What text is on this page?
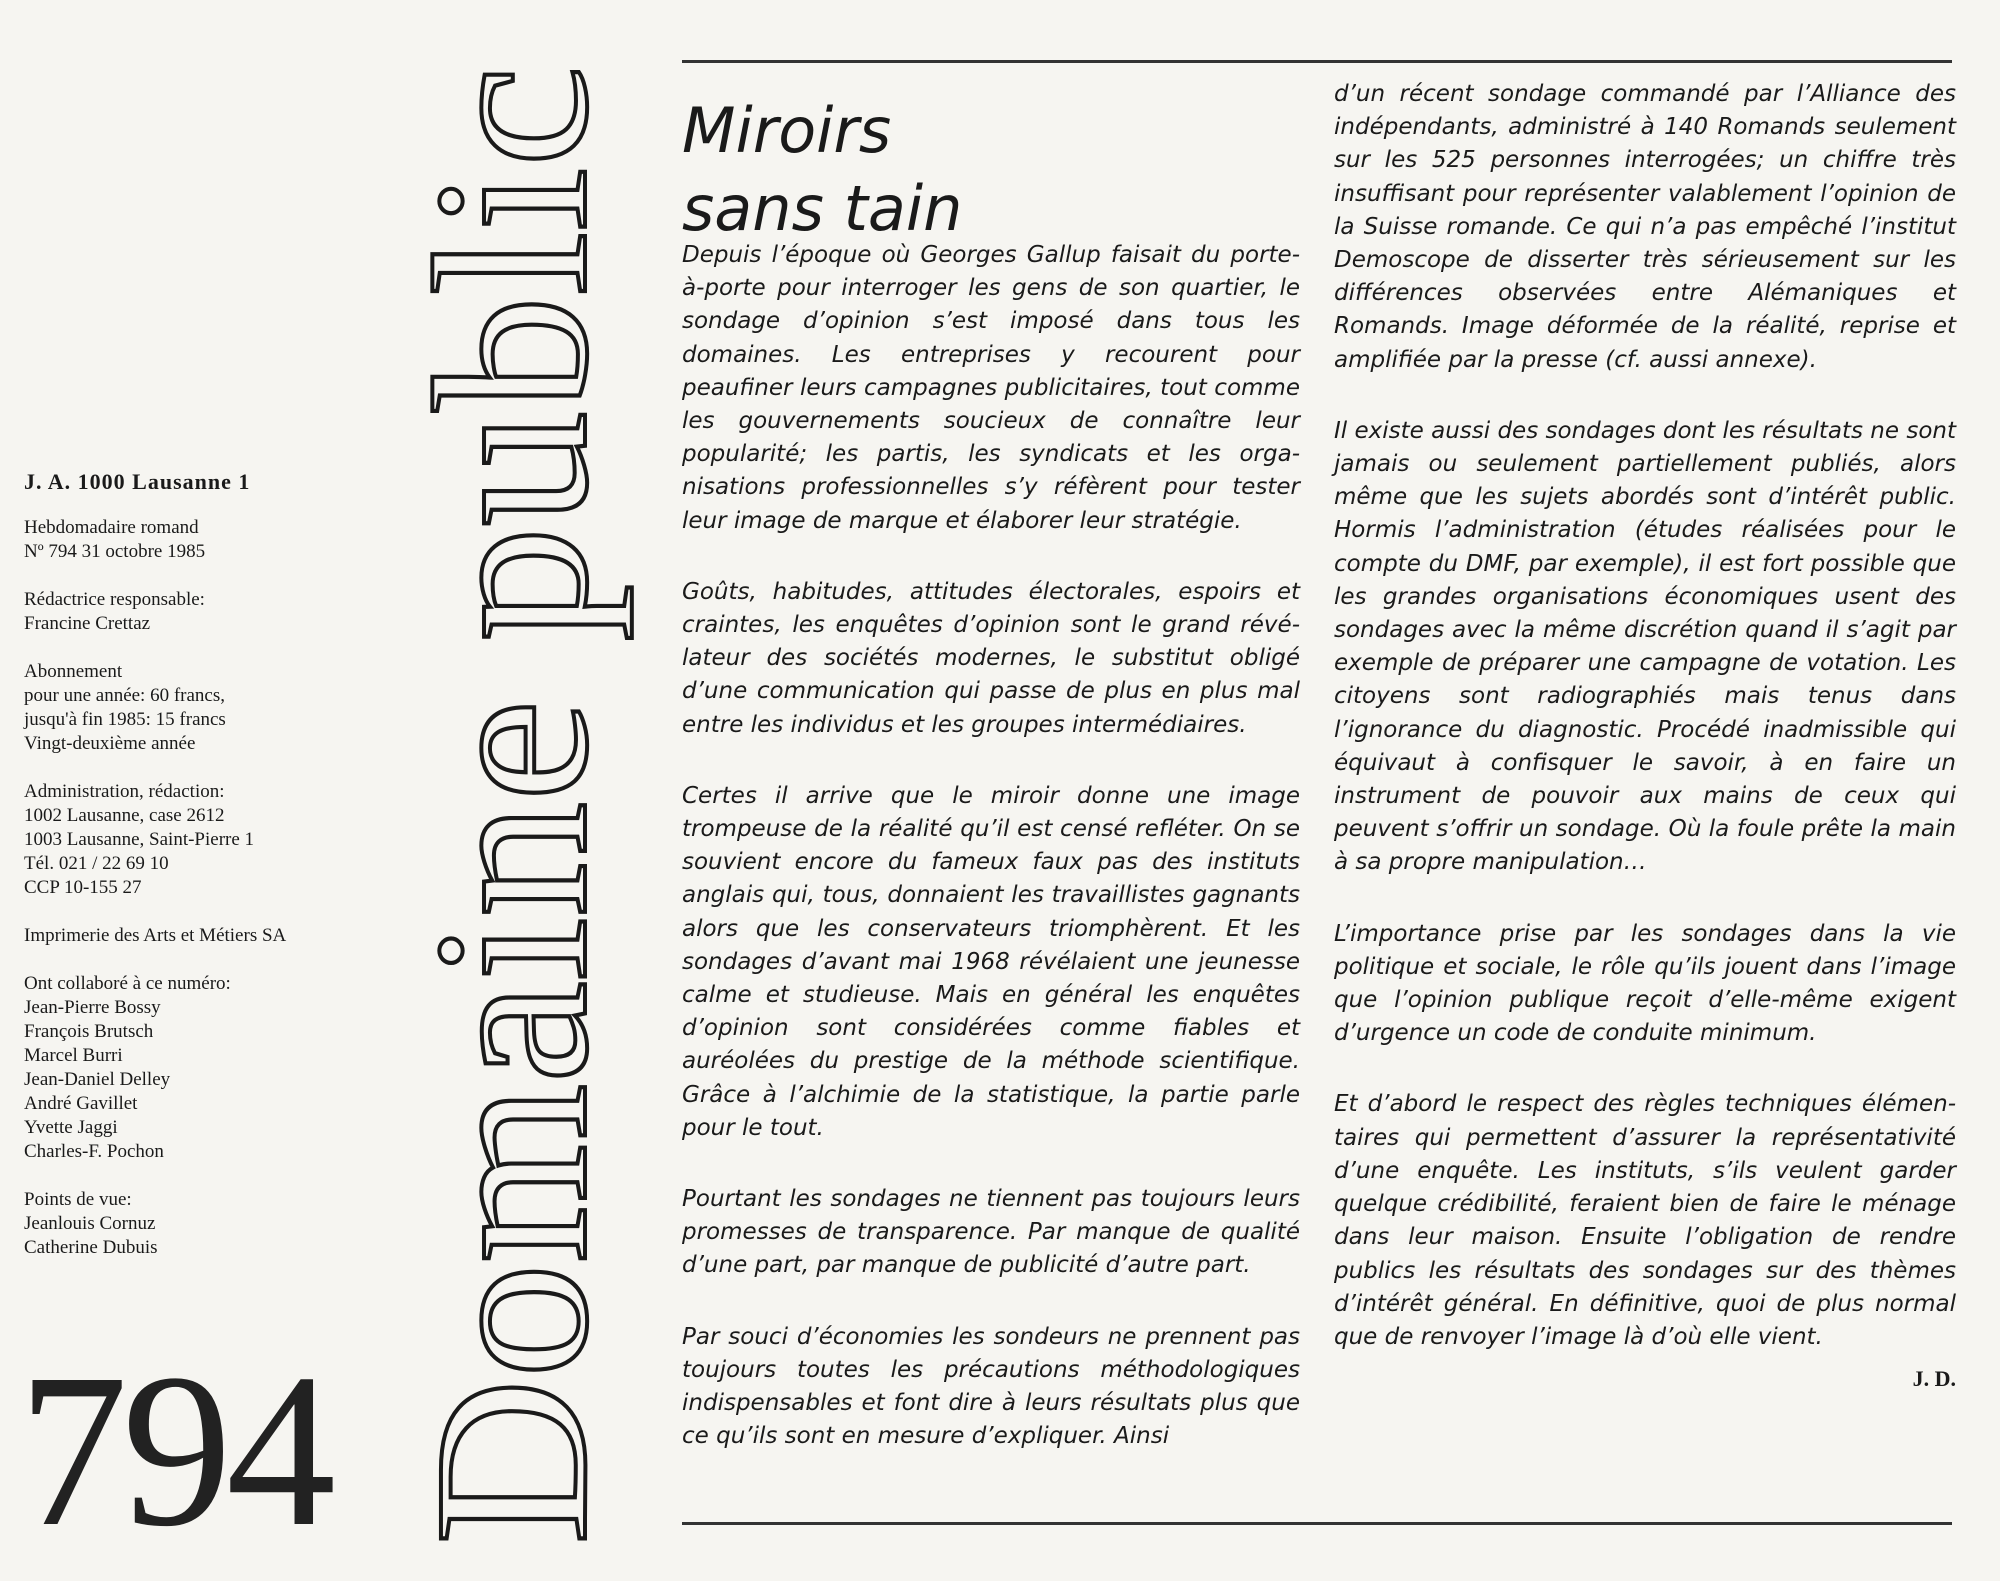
J. A. 1000 Lausanne 1
Hebdomadaire romand
Nº 794 31 octobre 1985
Rédactrice responsable:
Francine Crettaz
Abonnement
pour une année: 60 francs,
jusqu'à fin 1985: 15 francs
Vingt-deuxième année
Administration, rédaction:
1002 Lausanne, case 2612
1003 Lausanne, Saint-Pierre 1
Tél. 021 / 22 69 10
CCP 10-155 27
Imprimerie des Arts et Métiers SA
Ont collaboré à ce numéro:
Jean-Pierre Bossy
François Brutsch
Marcel Burri
Jean-Daniel Delley
André Gavillet
Yvette Jaggi
Charles-F. Pochon
Points de vue:
Jeanlouis Cornuz
Catherine Dubuis
794 Domaine public
Miroirs
sans tain

Depuis l’époque où Georges Gallup faisait du porte-à-porte pour interroger les gens de son quartier, le sondage d’opinion s’est imposé dans tous les domaines. Les entreprises y recourent pour peaufiner leurs campagnes publicitaires, tout comme les gouvernements soucieux de connaître leur popularité; les partis, les syndicats et les organisations professionnelles s’y réfèrent pour tester leur image de marque et élaborer leur stratégie.

Goûts, habitudes, attitudes électorales, espoirs et craintes, les enquêtes d’opinion sont le grand révélateur des sociétés modernes, le substitut obligé d’une communication qui passe de plus en plus mal entre les individus et les groupes intermédiaires.

Certes il arrive que le miroir donne une image trompeuse de la réalité qu’il est censé refléter. On se souvient encore du fameux faux pas des instituts anglais qui, tous, donnaient les travaillistes gagnants alors que les conservateurs triomphèrent. Et les sondages d’avant mai 1968 révélaient une jeunesse calme et studieuse. Mais en général les enquêtes d’opinion sont considérées comme fiables et auréolées du prestige de la méthode scientifique. Grâce à l’alchimie de la statistique, la partie parle pour le tout.

Pourtant les sondages ne tiennent pas toujours leurs promesses de transparence. Par manque de qualité d’une part, par manque de publicité d’autre part.

Par souci d’économies les sondeurs ne prennent pas toujours toutes les précautions méthodologiques indispensables et font dire à leurs résultats plus que ce qu’ils sont en mesure d’expliquer. Ainsi

d’un récent sondage commandé par l’Alliance des indépendants, administré à 140 Romands seulement sur les 525 personnes interrogées; un chiffre très insuffisant pour représenter valablement l’opinion de la Suisse romande. Ce qui n’a pas empêché l’institut Demoscope de disserter très sérieusement sur les différences observées entre Alémaniques et Romands. Image déformée de la réalité, reprise et amplifiée par la presse (cf. aussi annexe).

Il existe aussi des sondages dont les résultats ne sont jamais ou seulement partiellement publiés, alors même que les sujets abordés sont d’intérêt public. Hormis l’administration (études réalisées pour le compte du DMF, par exemple), il est fort possible que les grandes organisations économiques usent des sondages avec la même discrétion quand il s’agit par exemple de préparer une campagne de votation. Les citoyens sont radiographiés mais tenus dans l’ignorance du diagnostic. Procédé inadmissible qui équivaut à confisquer le savoir, à en faire un instrument de pouvoir aux mains de ceux qui peuvent s’offrir un sondage. Où la foule prête la main à sa propre manipulation…

L’importance prise par les sondages dans la vie politique et sociale, le rôle qu’ils jouent dans l’image que l’opinion publique reçoit d’elle-même exigent d’urgence un code de conduite minimum.

Et d’abord le respect des règles techniques élémentaires qui permettent d’assurer la représentativité d’une enquête. Les instituts, s’ils veulent garder quelque crédibilité, feraient bien de faire le ménage dans leur maison. Ensuite l’obligation de rendre publics les résultats des sondages sur des thèmes d’intérêt général. En définitive, quoi de plus normal que de renvoyer l’image là d’où elle vient.

J. D.
